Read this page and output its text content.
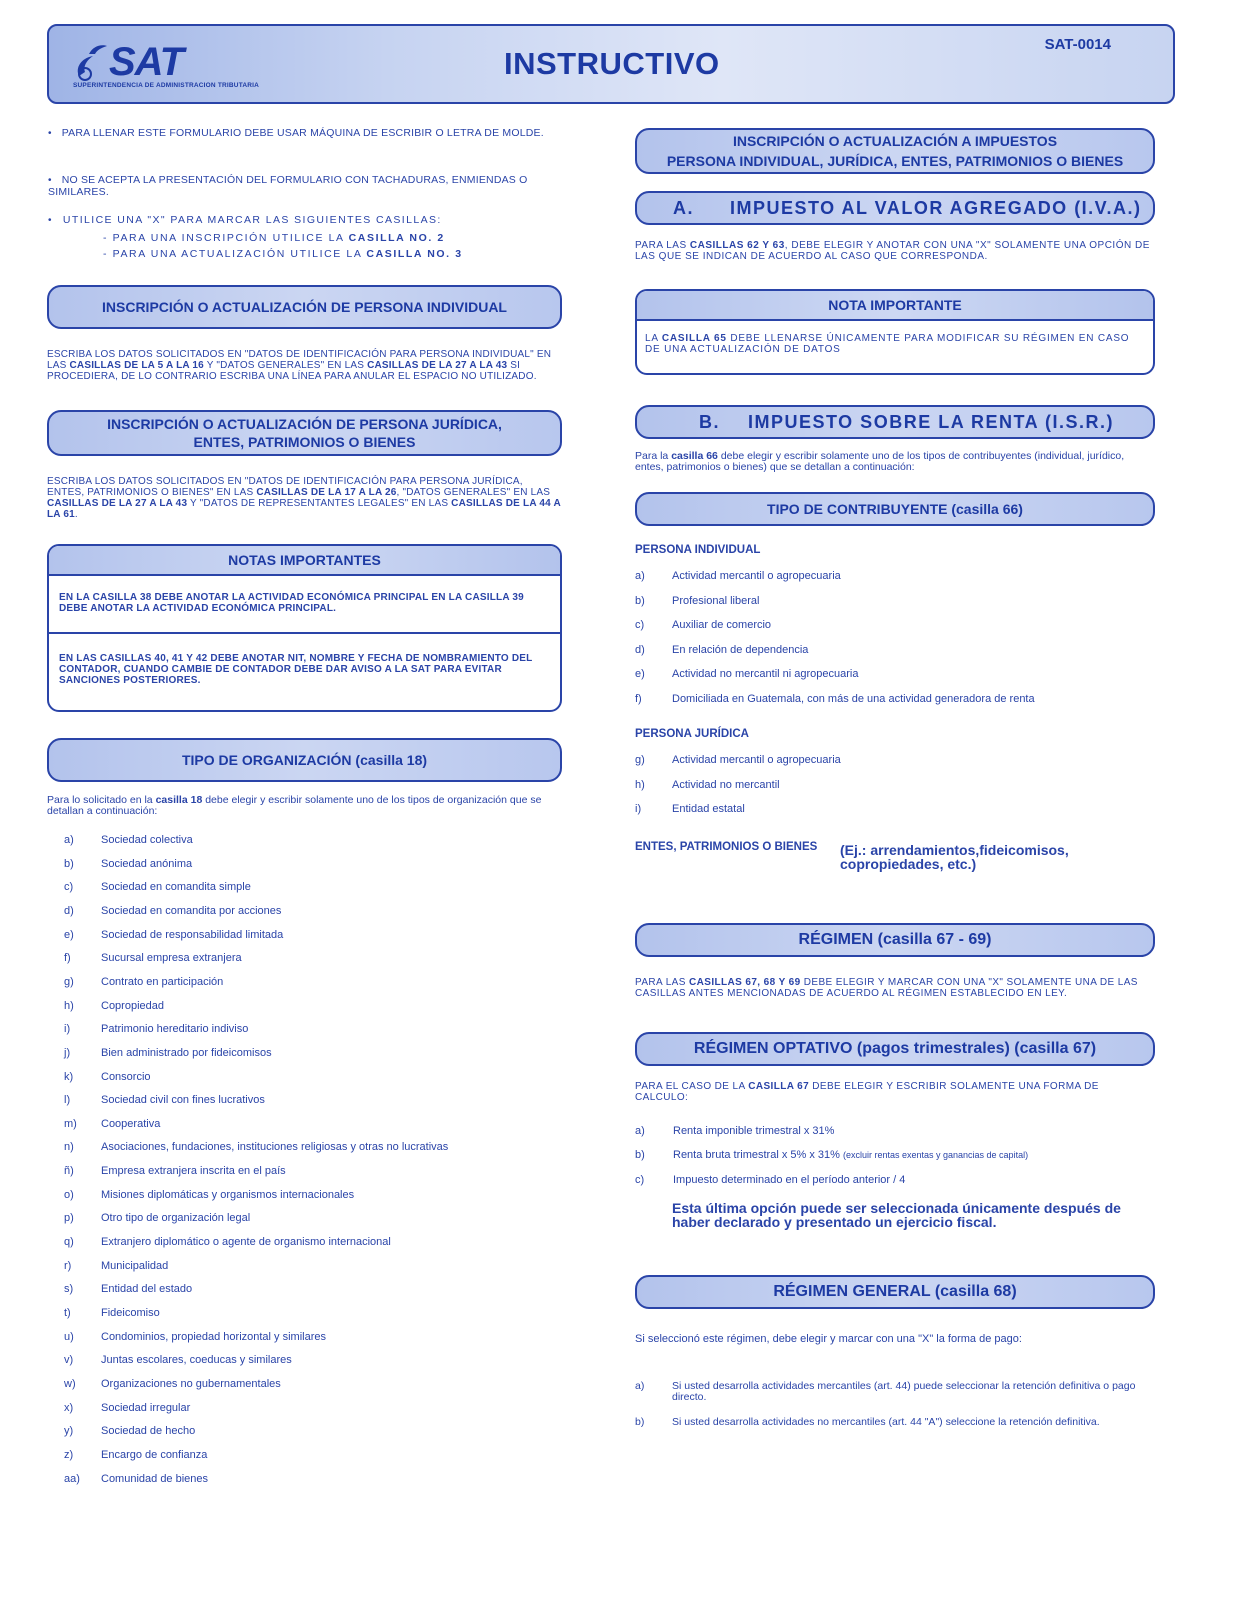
SAT
SUPERINTENDENCIA DE ADMINISTRACION TRIBUTARIA
INSTRUCTIVO
SAT-0014
• PARA LLENAR ESTE FORMULARIO DEBE USAR MÁQUINA DE ESCRIBIR O LETRA DE MOLDE.
• NO SE ACEPTA LA PRESENTACIÓN DEL FORMULARIO CON TACHADURAS, ENMIENDAS O SIMILARES.
• UTILICE UNA "X" PARA MARCAR LAS SIGUIENTES CASILLAS:
- PARA UNA INSCRIPCIÓN UTILICE LA CASILLA NO. 2
- PARA UNA ACTUALIZACIÓN UTILICE LA CASILLA NO. 3
INSCRIPCIÓN O ACTUALIZACIÓN DE PERSONA INDIVIDUAL
ESCRIBA LOS DATOS SOLICITADOS EN "DATOS DE IDENTIFICACIÓN PARA PERSONA INDIVIDUAL" EN LAS CASILLAS DE LA 5 A LA 16 Y "DATOS GENERALES" EN LAS CASILLAS DE LA 27 A LA 43 SI PROCEDIERA, DE LO CONTRARIO ESCRIBA UNA LÍNEA PARA ANULAR EL ESPACIO NO UTILIZADO.
INSCRIPCIÓN O ACTUALIZACIÓN DE PERSONA JURÍDICA,
ENTES, PATRIMONIOS O BIENES
ESCRIBA LOS DATOS SOLICITADOS EN "DATOS DE IDENTIFICACIÓN PARA PERSONA JURÍDICA, ENTES, PATRIMONIOS O BIENES" EN LAS CASILLAS DE LA 17 A LA 26, "DATOS GENERALES" EN LAS CASILLAS DE LA 27 A LA 43 Y "DATOS DE REPRESENTANTES LEGALES" EN LAS CASILLAS DE LA 44 A LA 61.
NOTAS IMPORTANTES
EN LA CASILLA 38 DEBE ANOTAR LA ACTIVIDAD ECONÓMICA PRINCIPAL EN LA CASILLA 39 DEBE ANOTAR LA ACTIVIDAD ECONÓMICA PRINCIPAL.
EN LAS CASILLAS 40, 41 Y 42 DEBE ANOTAR NIT, NOMBRE Y FECHA DE NOMBRAMIENTO DEL CONTADOR, CUANDO CAMBIE DE CONTADOR DEBE DAR AVISO A LA SAT PARA EVITAR SANCIONES POSTERIORES.
TIPO DE ORGANIZACIÓN (casilla 18)
Para lo solicitado en la casilla 18 debe elegir y escribir solamente uno de los tipos de organización que se detallan a continuación:
a)	Sociedad colectiva
b)	Sociedad anónima
c)	Sociedad en comandita simple
d)	Sociedad en comandita por acciones
e)	Sociedad de responsabilidad limitada
f)	Sucursal empresa extranjera
g)	Contrato en participación
h)	Copropiedad
i)	Patrimonio hereditario indiviso
j)	Bien administrado por fideicomisos
k)	Consorcio
l)	Sociedad civil con fines lucrativos
m)	Cooperativa
n)	Asociaciones, fundaciones, instituciones religiosas y otras no lucrativas
ñ)	Empresa extranjera inscrita en el país
o)	Misiones diplomáticas y organismos internacionales
p)	Otro tipo de organización legal
q)	Extranjero diplomático o agente de organismo internacional
r)	Municipalidad
s)	Entidad del estado
t)	Fideicomiso
u)	Condominios, propiedad horizontal y similares
v)	Juntas escolares, coeducas y similares
w)	Organizaciones no gubernamentales
x)	Sociedad irregular
y)	Sociedad de hecho
z)	Encargo de confianza
aa)	Comunidad de bienes
INSCRIPCIÓN O ACTUALIZACIÓN A IMPUESTOS
PERSONA INDIVIDUAL, JURÍDICA, ENTES, PATRIMONIOS O BIENES
A. IMPUESTO AL VALOR AGREGADO (I.V.A.)
PARA LAS CASILLAS 62 Y 63, DEBE ELEGIR Y ANOTAR CON UNA "X" SOLAMENTE UNA OPCIÓN DE LAS QUE SE INDICAN DE ACUERDO AL CASO QUE CORRESPONDA.
NOTA IMPORTANTE
LA CASILLA 65 DEBE LLENARSE ÚNICAMENTE PARA MODIFICAR SU RÉGIMEN EN CASO DE UNA ACTUALIZACIÓN DE DATOS
B. IMPUESTO SOBRE LA RENTA (I.S.R.)
Para la casilla 66 debe elegir y escribir solamente uno de los tipos de contribuyentes (individual, jurídico, entes, patrimonios o bienes) que se detallan a continuación:
TIPO DE CONTRIBUYENTE (casilla 66)
PERSONA INDIVIDUAL
a)	Actividad mercantil o agropecuaria
b)	Profesional liberal
c)	Auxiliar de comercio
d)	En relación de dependencia
e)	Actividad no mercantil ni agropecuaria
f)	Domiciliada en Guatemala, con más de una actividad generadora de renta
PERSONA JURÍDICA
g)	Actividad mercantil o agropecuaria
h)	Actividad no mercantil
i)	Entidad estatal
ENTES, PATRIMONIOS O BIENES (Ej.: arrendamientos,fideicomisos, copropiedades, etc.)
RÉGIMEN (casilla 67 - 69)
PARA LAS CASILLAS 67, 68 Y 69 DEBE ELEGIR Y MARCAR CON UNA "X" SOLAMENTE UNA DE LAS CASILLAS ANTES MENCIONADAS DE ACUERDO AL RÉGIMEN ESTABLECIDO EN LEY.
RÉGIMEN OPTATIVO (pagos trimestrales) (casilla 67)
PARA EL CASO DE LA CASILLA 67 DEBE ELEGIR Y ESCRIBIR SOLAMENTE UNA FORMA DE CALCULO:
a)	Renta imponible trimestral x 31%
b)	Renta bruta trimestral x 5% x 31% (excluir rentas exentas y ganancias de capital)
c)	Impuesto determinado en el período anterior / 4
Esta última opción puede ser seleccionada únicamente después de haber declarado y presentado un ejercicio fiscal.
RÉGIMEN GENERAL (casilla 68)
Si seleccionó este régimen, debe elegir y marcar con una "X" la forma de pago:
a)	Si usted desarrolla actividades mercantiles (art. 44) puede seleccionar la retención definitiva o pago directo.
b)	Si usted desarrolla actividades no mercantiles (art. 44 "A") seleccione la retención definitiva.
